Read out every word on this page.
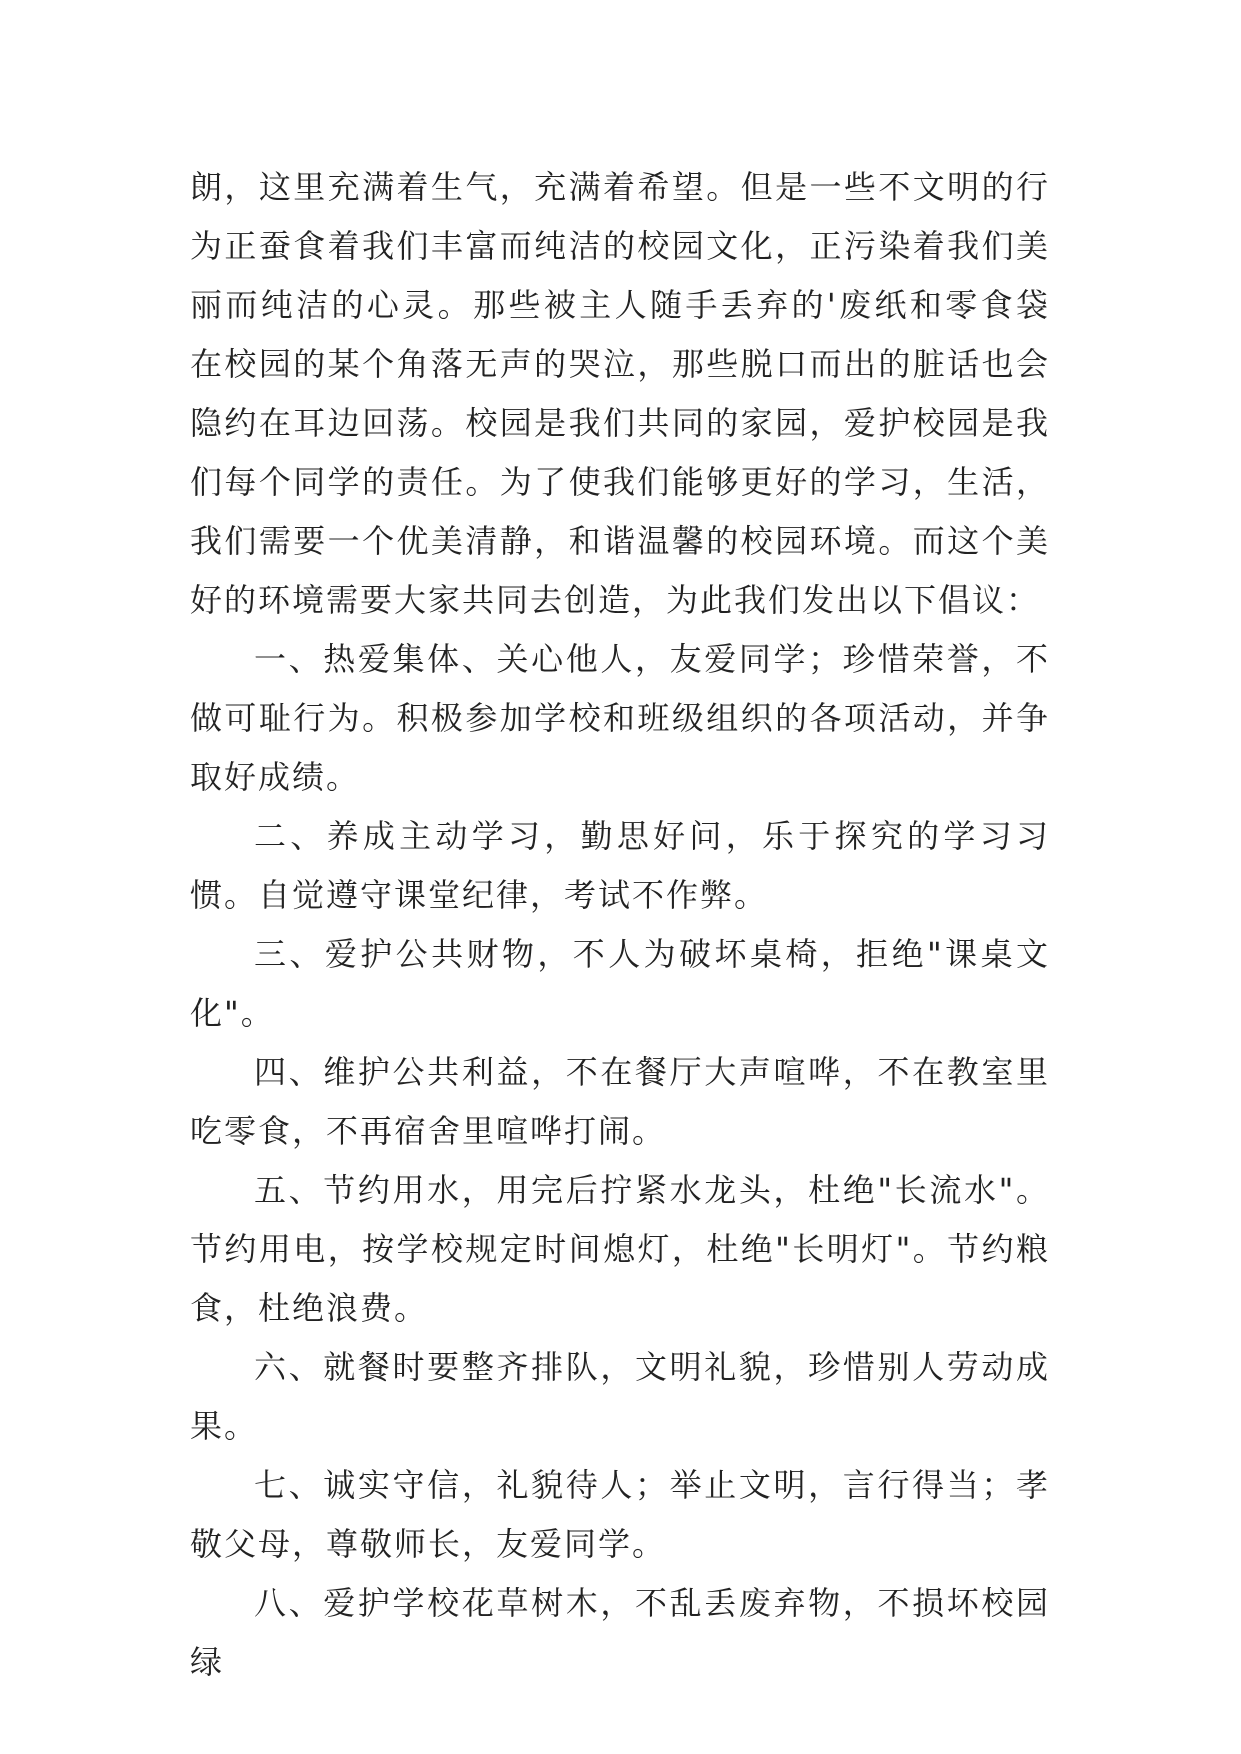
朗，这里充满着生气，充满着希望。但是一些不文明的行为正蚕食着我们丰富而纯洁的校园文化，正污染着我们美丽而纯洁的心灵。那些被主人随手丢弃的'废纸和零食袋在校园的某个角落无声的哭泣，那些脱口而出的脏话也会隐约在耳边回荡。校园是我们共同的家园，爱护校园是我们每个同学的责任。为了使我们能够更好的学习，生活，我们需要一个优美清静，和谐温馨的校园环境。而这个美好的环境需要大家共同去创造，为此我们发出以下倡议：

一、热爱集体、关心他人，友爱同学；珍惜荣誉，不做可耻行为。积极参加学校和班级组织的各项活动，并争取好成绩。

二、养成主动学习，勤思好问，乐于探究的学习习惯。自觉遵守课堂纪律，考试不作弊。

三、爱护公共财物，不人为破坏桌椅，拒绝"课桌文化"。

四、维护公共利益，不在餐厅大声喧哗，不在教室里吃零食，不再宿舍里喧哗打闹。

五、节约用水，用完后拧紧水龙头，杜绝"长流水"。节约用电，按学校规定时间熄灯，杜绝"长明灯"。节约粮食，杜绝浪费。

六、就餐时要整齐排队，文明礼貌，珍惜别人劳动成果。

七、诚实守信，礼貌待人；举止文明，言行得当；孝敬父母，尊敬师长，友爱同学。

八、爱护学校花草树木，不乱丢废弃物，不损坏校园绿
